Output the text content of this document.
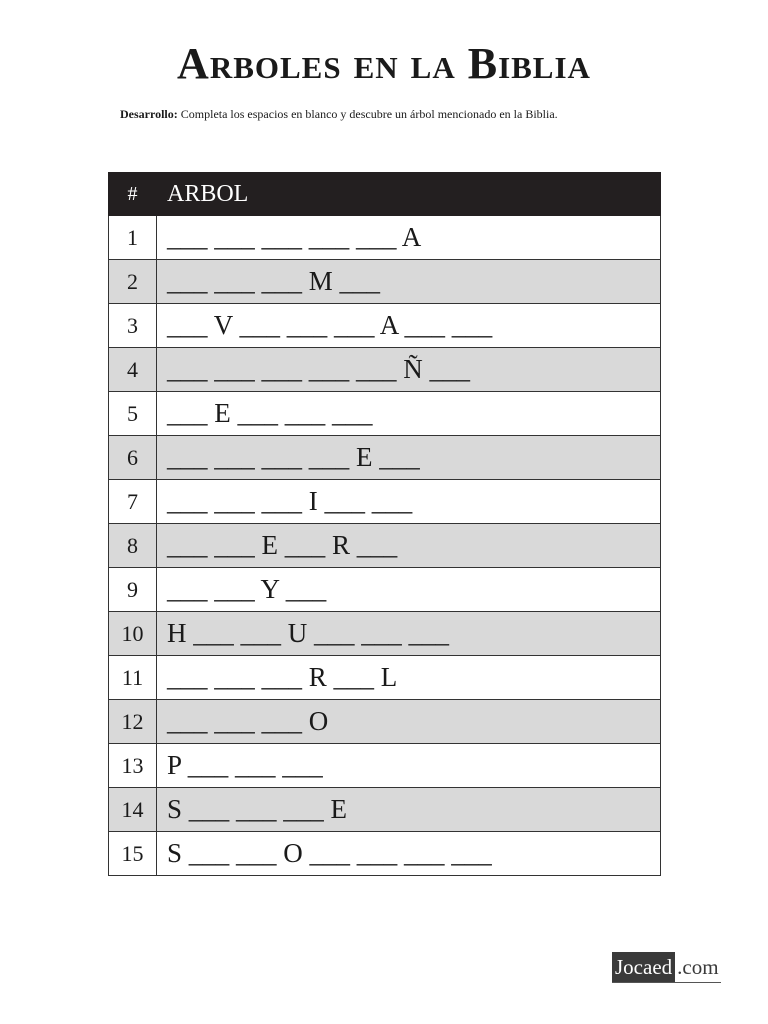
Arboles en la Biblia
Desarrollo: Completa los espacios en blanco y descubre un árbol mencionado en la Biblia.
#	ARBOL
1	___ ___ ___ ___ ___ A
2	___ ___ ___ M ___
3	___ V ___ ___ ___ A ___ ___
4	___ ___ ___ ___ ___ Ñ ___
5	___ E ___ ___ ___
6	___ ___ ___ ___ E ___
7	___ ___ ___ I ___ ___
8	___ ___ E ___ R ___
9	___ ___ Y ___
10	H ___ ___ U ___ ___ ___
11	___ ___ ___ R ___ L
12	___ ___ ___ O
13	P ___ ___ ___
14	S ___ ___ ___ E
15	S ___ ___ O ___ ___ ___ ___
Jocaed .com
